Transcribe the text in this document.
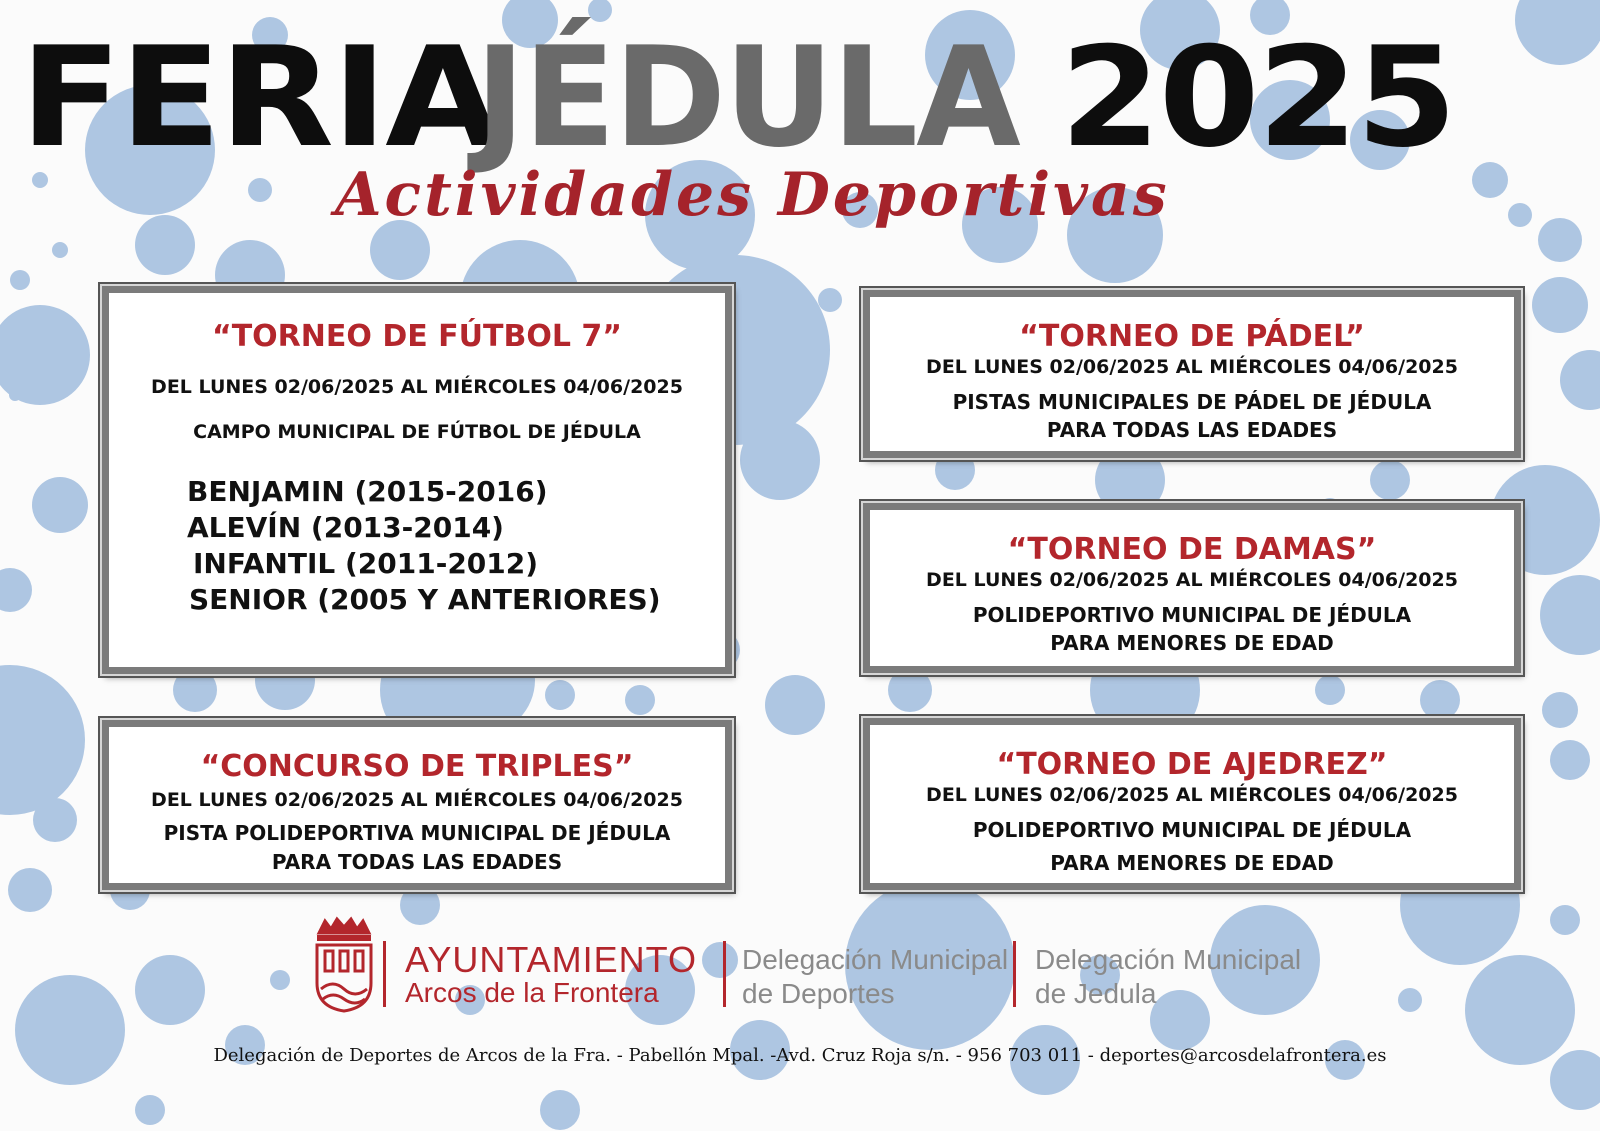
FERIA
JÉDULA 2025
Actividades Deportivas
“TORNEO DE FÚTBOL 7”
DEL LUNES 02/06/2025 AL MIÉRCOLES 04/06/2025
CAMPO MUNICIPAL DE FÚTBOL DE JÉDULA
BENJAMIN (2015-2016)
ALEVÍN (2013-2014)
INFANTIL (2011-2012)
SENIOR (2005 Y ANTERIORES)
“TORNEO DE PÁDEL”
DEL LUNES 02/06/2025 AL MIÉRCOLES 04/06/2025
PISTAS MUNICIPALES DE PÁDEL DE JÉDULA
PARA TODAS LAS EDADES
“TORNEO DE DAMAS”
DEL LUNES 02/06/2025 AL MIÉRCOLES 04/06/2025
POLIDEPORTIVO MUNICIPAL DE JÉDULA
PARA MENORES DE EDAD
“CONCURSO DE TRIPLES”
DEL LUNES 02/06/2025 AL MIÉRCOLES 04/06/2025
PISTA POLIDEPORTIVA MUNICIPAL DE JÉDULA
PARA TODAS LAS EDADES
“TORNEO DE AJEDREZ”
DEL LUNES 02/06/2025 AL MIÉRCOLES 04/06/2025
POLIDEPORTIVO MUNICIPAL DE JÉDULA
PARA MENORES DE EDAD
AYUNTAMIENTO
Arcos de la Frontera
Delegación Municipal
de Deportes
Delegación Municipal
de Jedula
Delegación de Deportes de Arcos de la Fra. - Pabellón Mpal. -Avd. Cruz Roja s/n. - 956 703 011 - deportes@arcosdelafrontera.es
